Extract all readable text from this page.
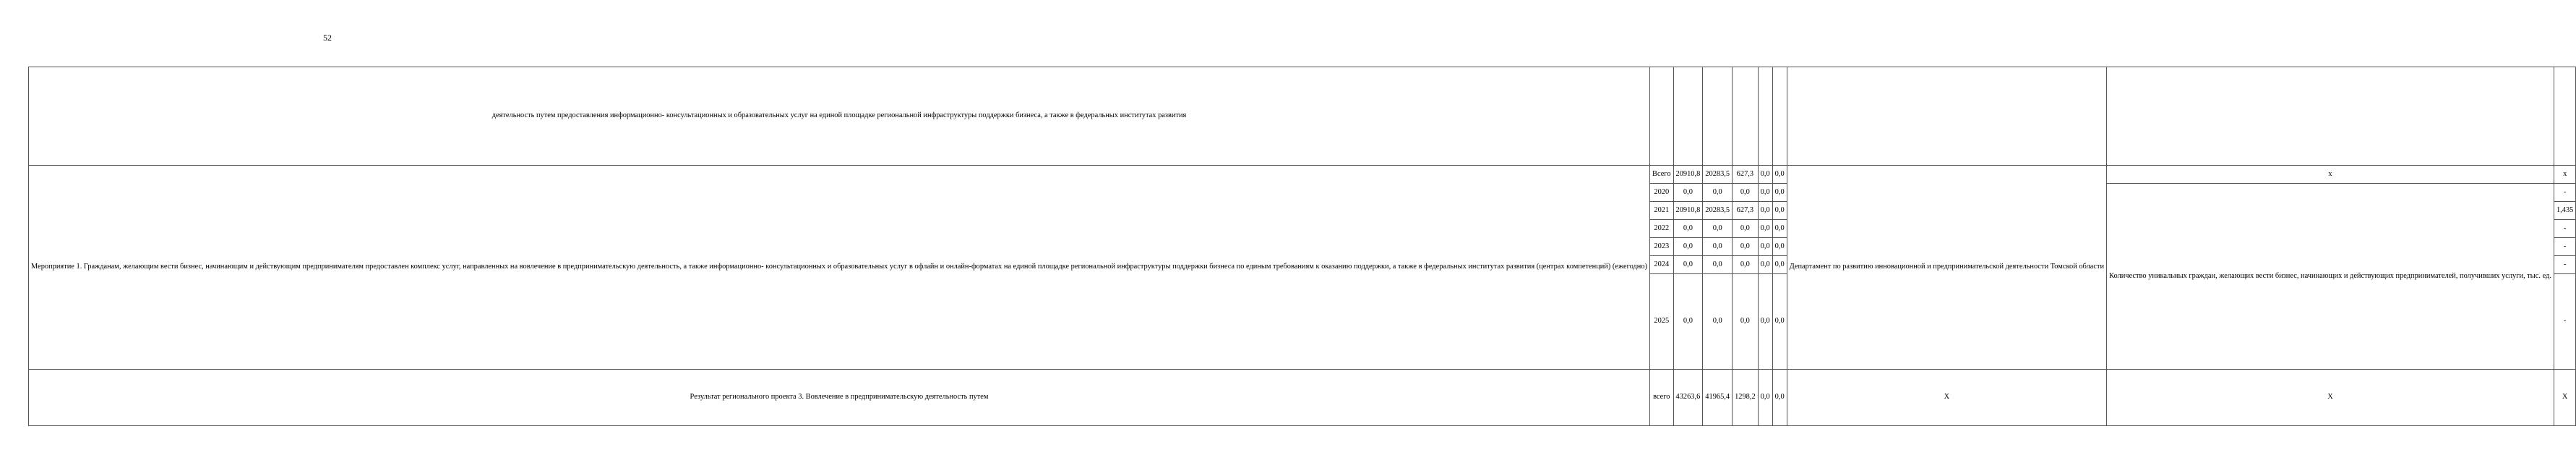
52
деятельность путем предоставления информационно- консультационных и образовательных услуг на единой площадке региональной инфраструктуры поддержки бизнеса, а также в федеральных институтах развития									
Мероприятие 1. Гражданам, желающим вести бизнес, начинающим и действующим предпринимателям предоставлен комплекс услуг, направленных на вовлечение в предпринимательскую деятельность, а также информационно- консультационных и образовательных услуг в офлайн и онлайн-форматах на единой площадке региональной инфраструктуры поддержки бизнеса по единым требованиям к оказанию поддержки, а также в федеральных институтах развития (центрах компетенций) (ежегодно)	Всего	20910,8	20283,5	627,3	0,0	0,0	Департамент по развитию инновационной и предпринимательской деятельности Томской области	x	x
	2020	0,0	0,0	0,0	0,0	0,0		Количество уникальных граждан, желающих вести бизнес, начинающих и действующих предпринимателей, получивших услуги, тыс. ед.	-
	2021	20910,8	20283,5	627,3	0,0	0,0			1,435
	2022	0,0	0,0	0,0	0,0	0,0			-
	2023	0,0	0,0	0,0	0,0	0,0			-
	2024	0,0	0,0	0,0	0,0	0,0			-
	2025	0,0	0,0	0,0	0,0	0,0			-
Результат регионального проекта 3. Вовлечение в предпринимательскую деятельность путем	всего	43263,6	41965,4	1298,2	0,0	0,0	X	X	X
